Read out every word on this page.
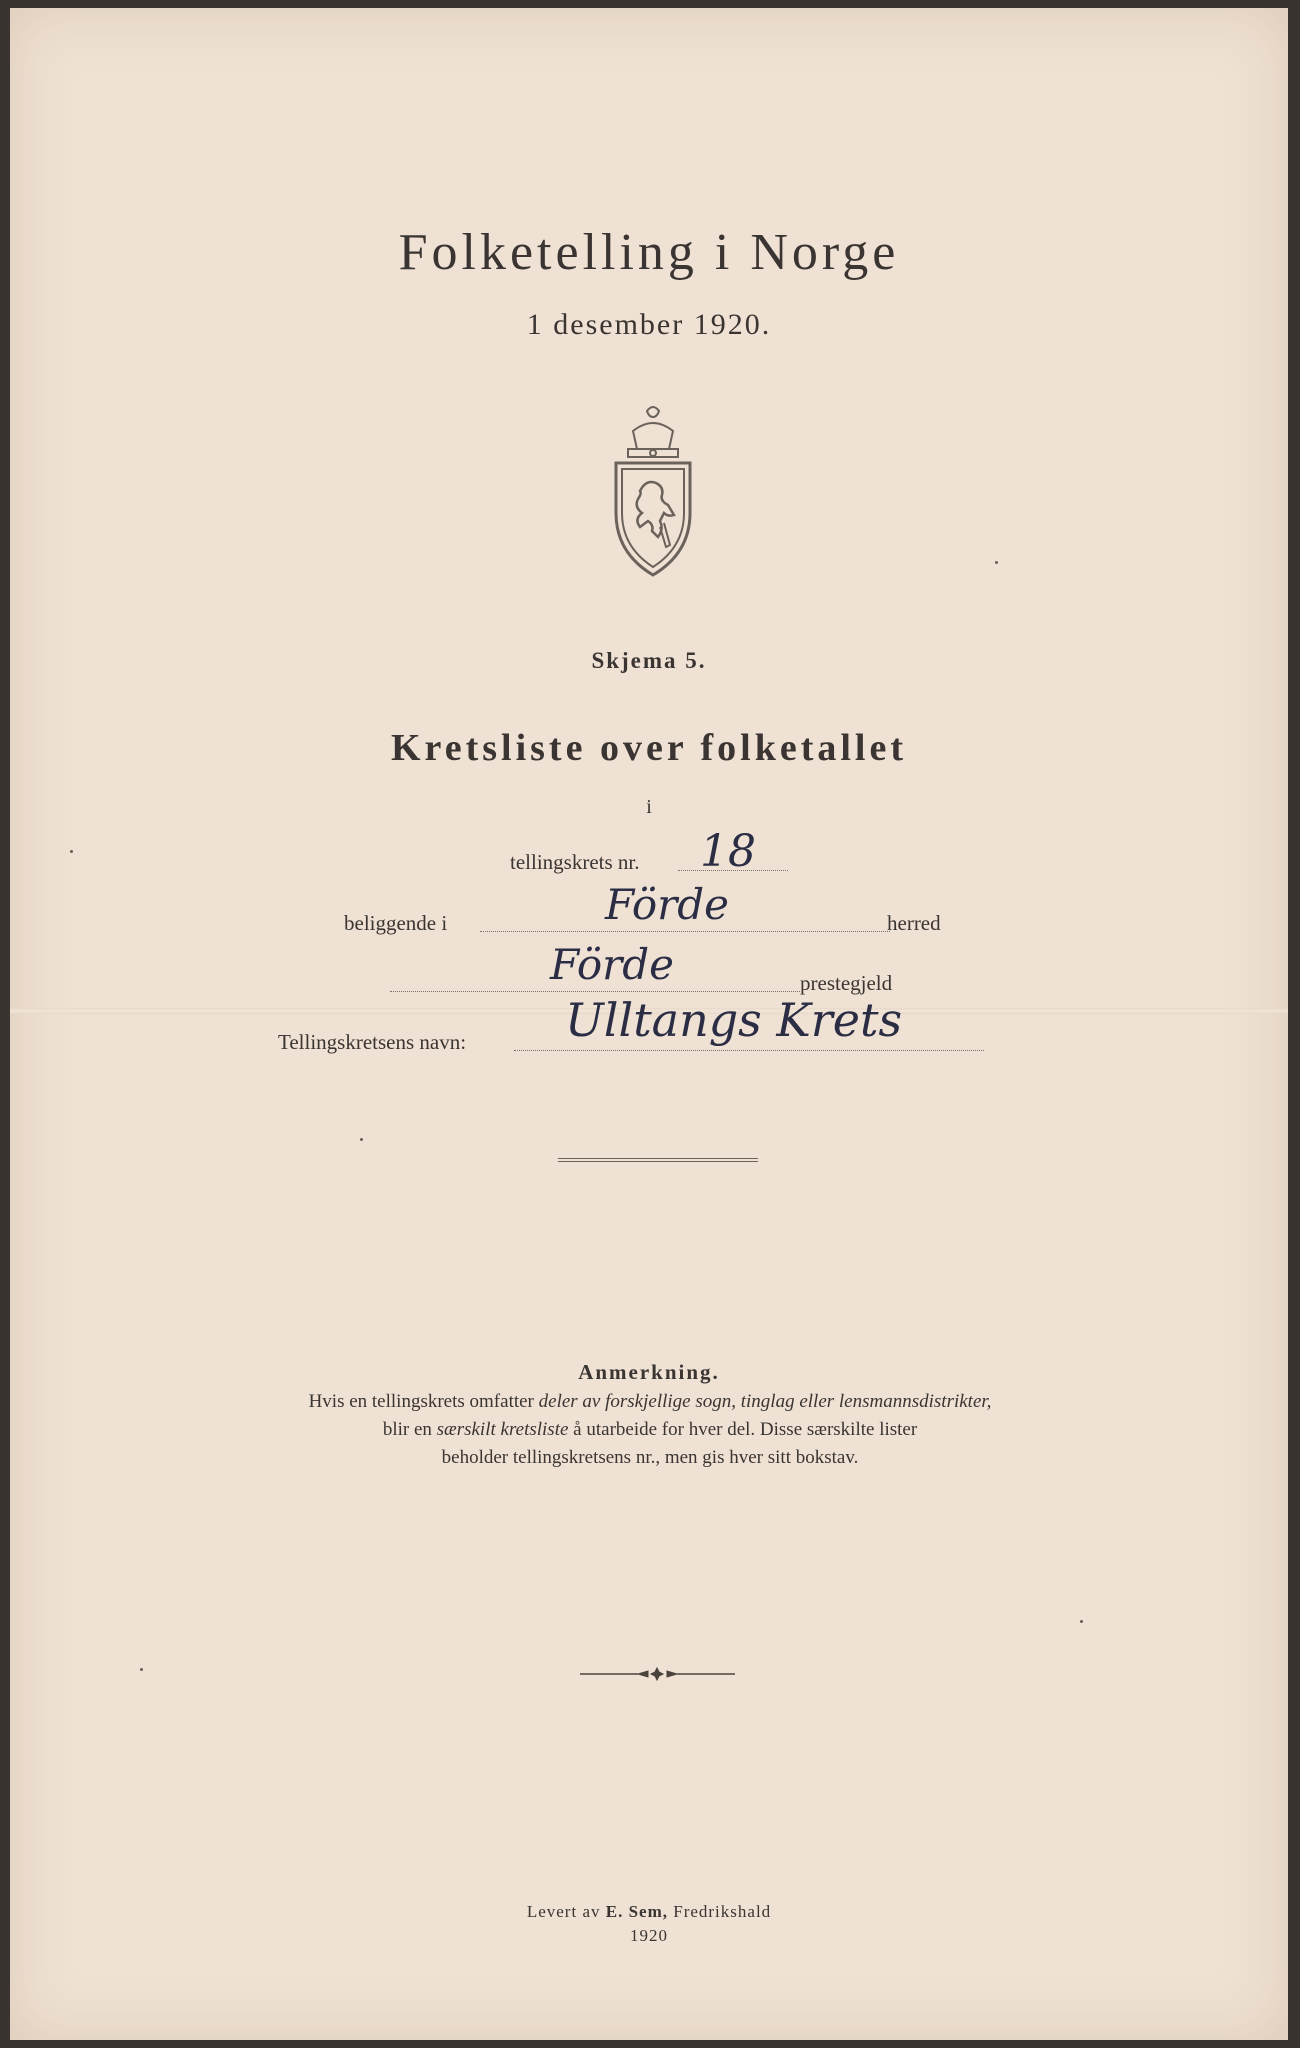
Folketelling i Norge
1 desember 1920.
Skjema 5.
Kretsliste over folketallet
i
tellingskrets nr. 18
beliggende i	Förde	herred
Förde	prestegjeld
Tellingskretsens navn: Ulltangs Krets
Anmerkning.
Hvis en tellingskrets omfatter deler av forskjellige sogn, tinglag eller lensmannsdistrikter,
blir en særskilt kretsliste å utarbeide for hver del. Disse særskilte lister
beholder tellingskretsens nr., men gis hver sitt bokstav.
Levert av E. Sem, Fredrikshald
1920
